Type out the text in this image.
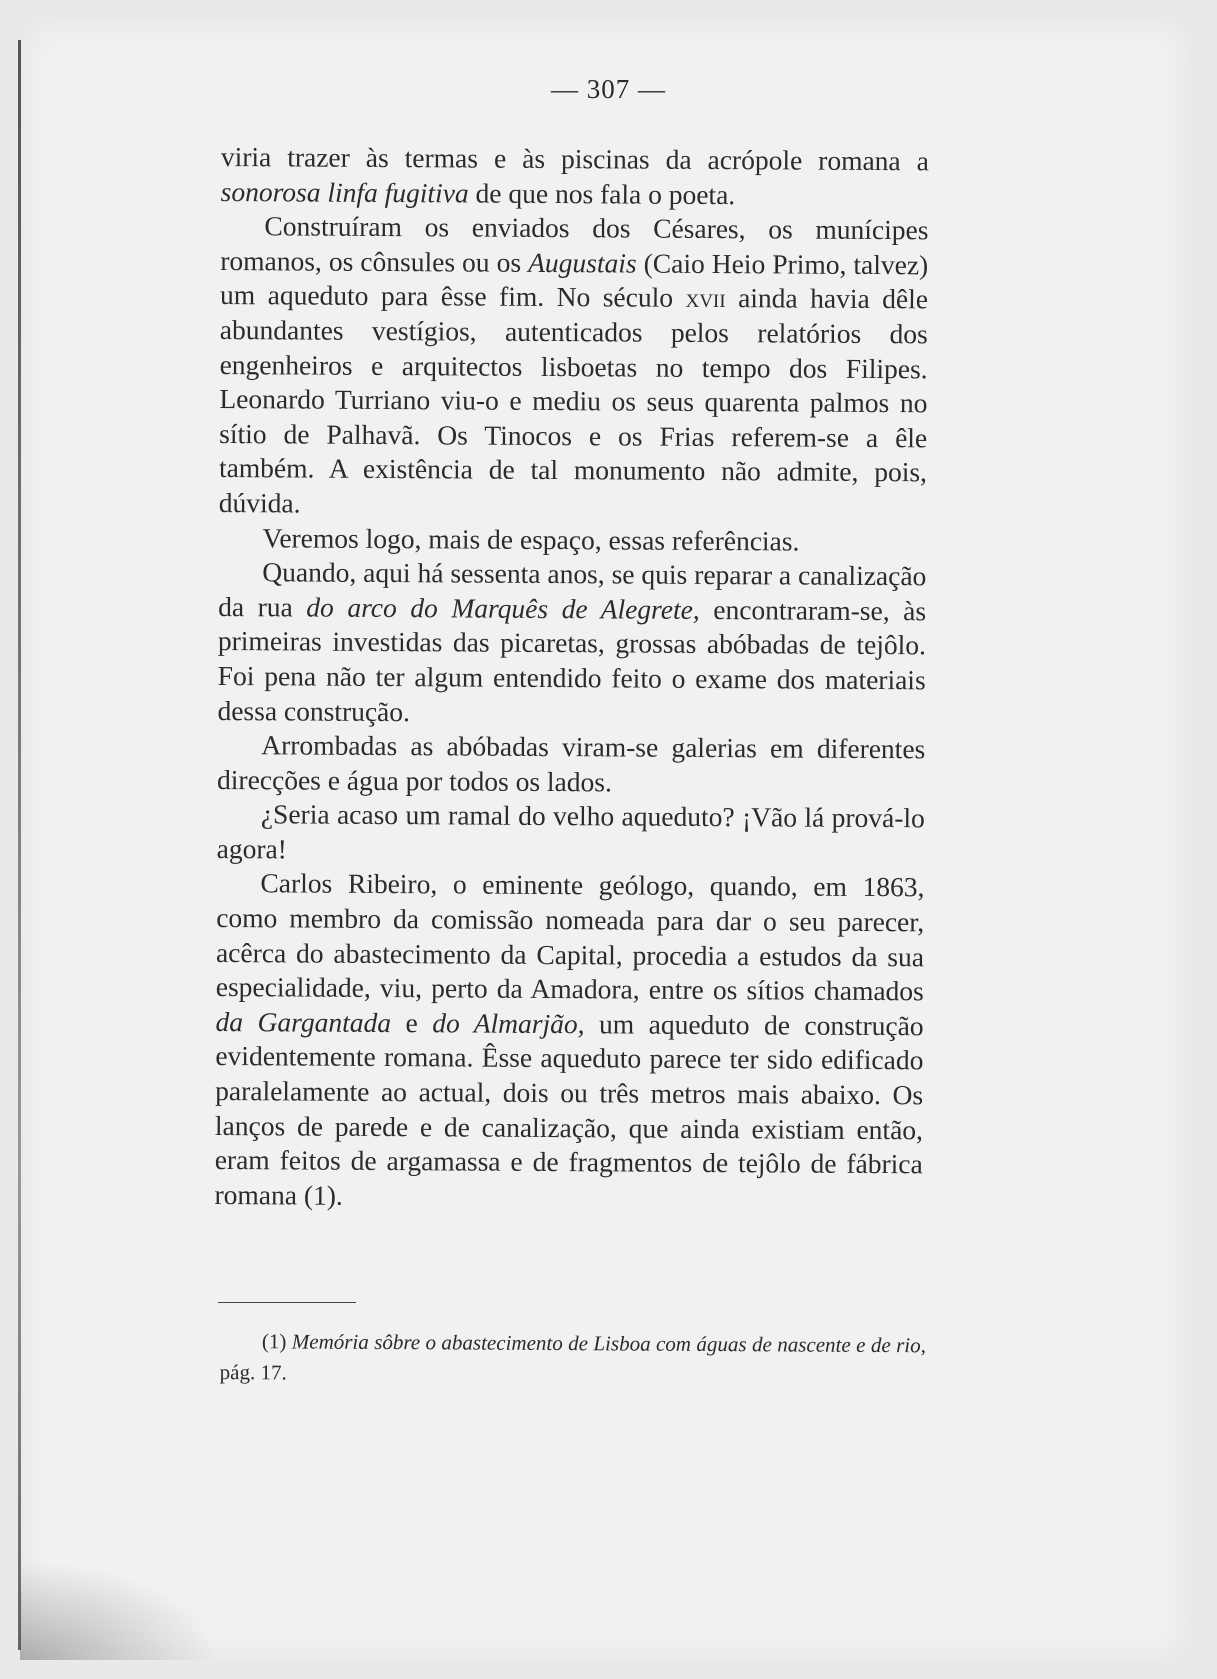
— 307 —

viria trazer às termas e às piscinas da acrópole romana a sonorosa linfa fugitiva de que nos fala o poeta.

Construíram os enviados dos Césares, os munícipes romanos, os cônsules ou os Augustais (Caio Heio Primo, talvez) um aqueduto para êsse fim. No século xvii ainda havia dêle abundantes vestígios, autenticados pelos relatórios dos engenheiros e arquitectos lisboetas no tempo dos Filipes. Leonardo Turriano viu-o e mediu os seus quarenta palmos no sítio de Palhavã. Os Tinocos e os Frias referem-se a êle também. A existência de tal monumento não admite, pois, dúvida.

Veremos logo, mais de espaço, essas referências.

Quando, aqui há sessenta anos, se quis reparar a canalização da rua do arco do Marquês de Alegrete, encontraram-se, às primeiras investidas das picaretas, grossas abóbadas de tejôlo. Foi pena não ter algum entendido feito o exame dos materiais dessa construção.

Arrombadas as abóbadas viram-se galerias em diferentes direcções e água por todos os lados.

¿Seria acaso um ramal do velho aqueduto? ¡Vão lá prová-lo agora!

Carlos Ribeiro, o eminente geólogo, quando, em 1863, como membro da comissão nomeada para dar o seu parecer, acêrca do abastecimento da Capital, procedia a estudos da sua especialidade, viu, perto da Amadora, entre os sítios chamados da Gargantada e do Almarjão, um aqueduto de construção evidentemente romana. Êsse aqueduto parece ter sido edificado paralelamente ao actual, dois ou três metros mais abaixo. Os lanços de parede e de canalização, que ainda existiam então, eram feitos de argamassa e de fragmentos de tejôlo de fábrica romana (1).

(1) Memória sôbre o abastecimento de Lisboa com águas de nascente e de rio, pág. 17.
